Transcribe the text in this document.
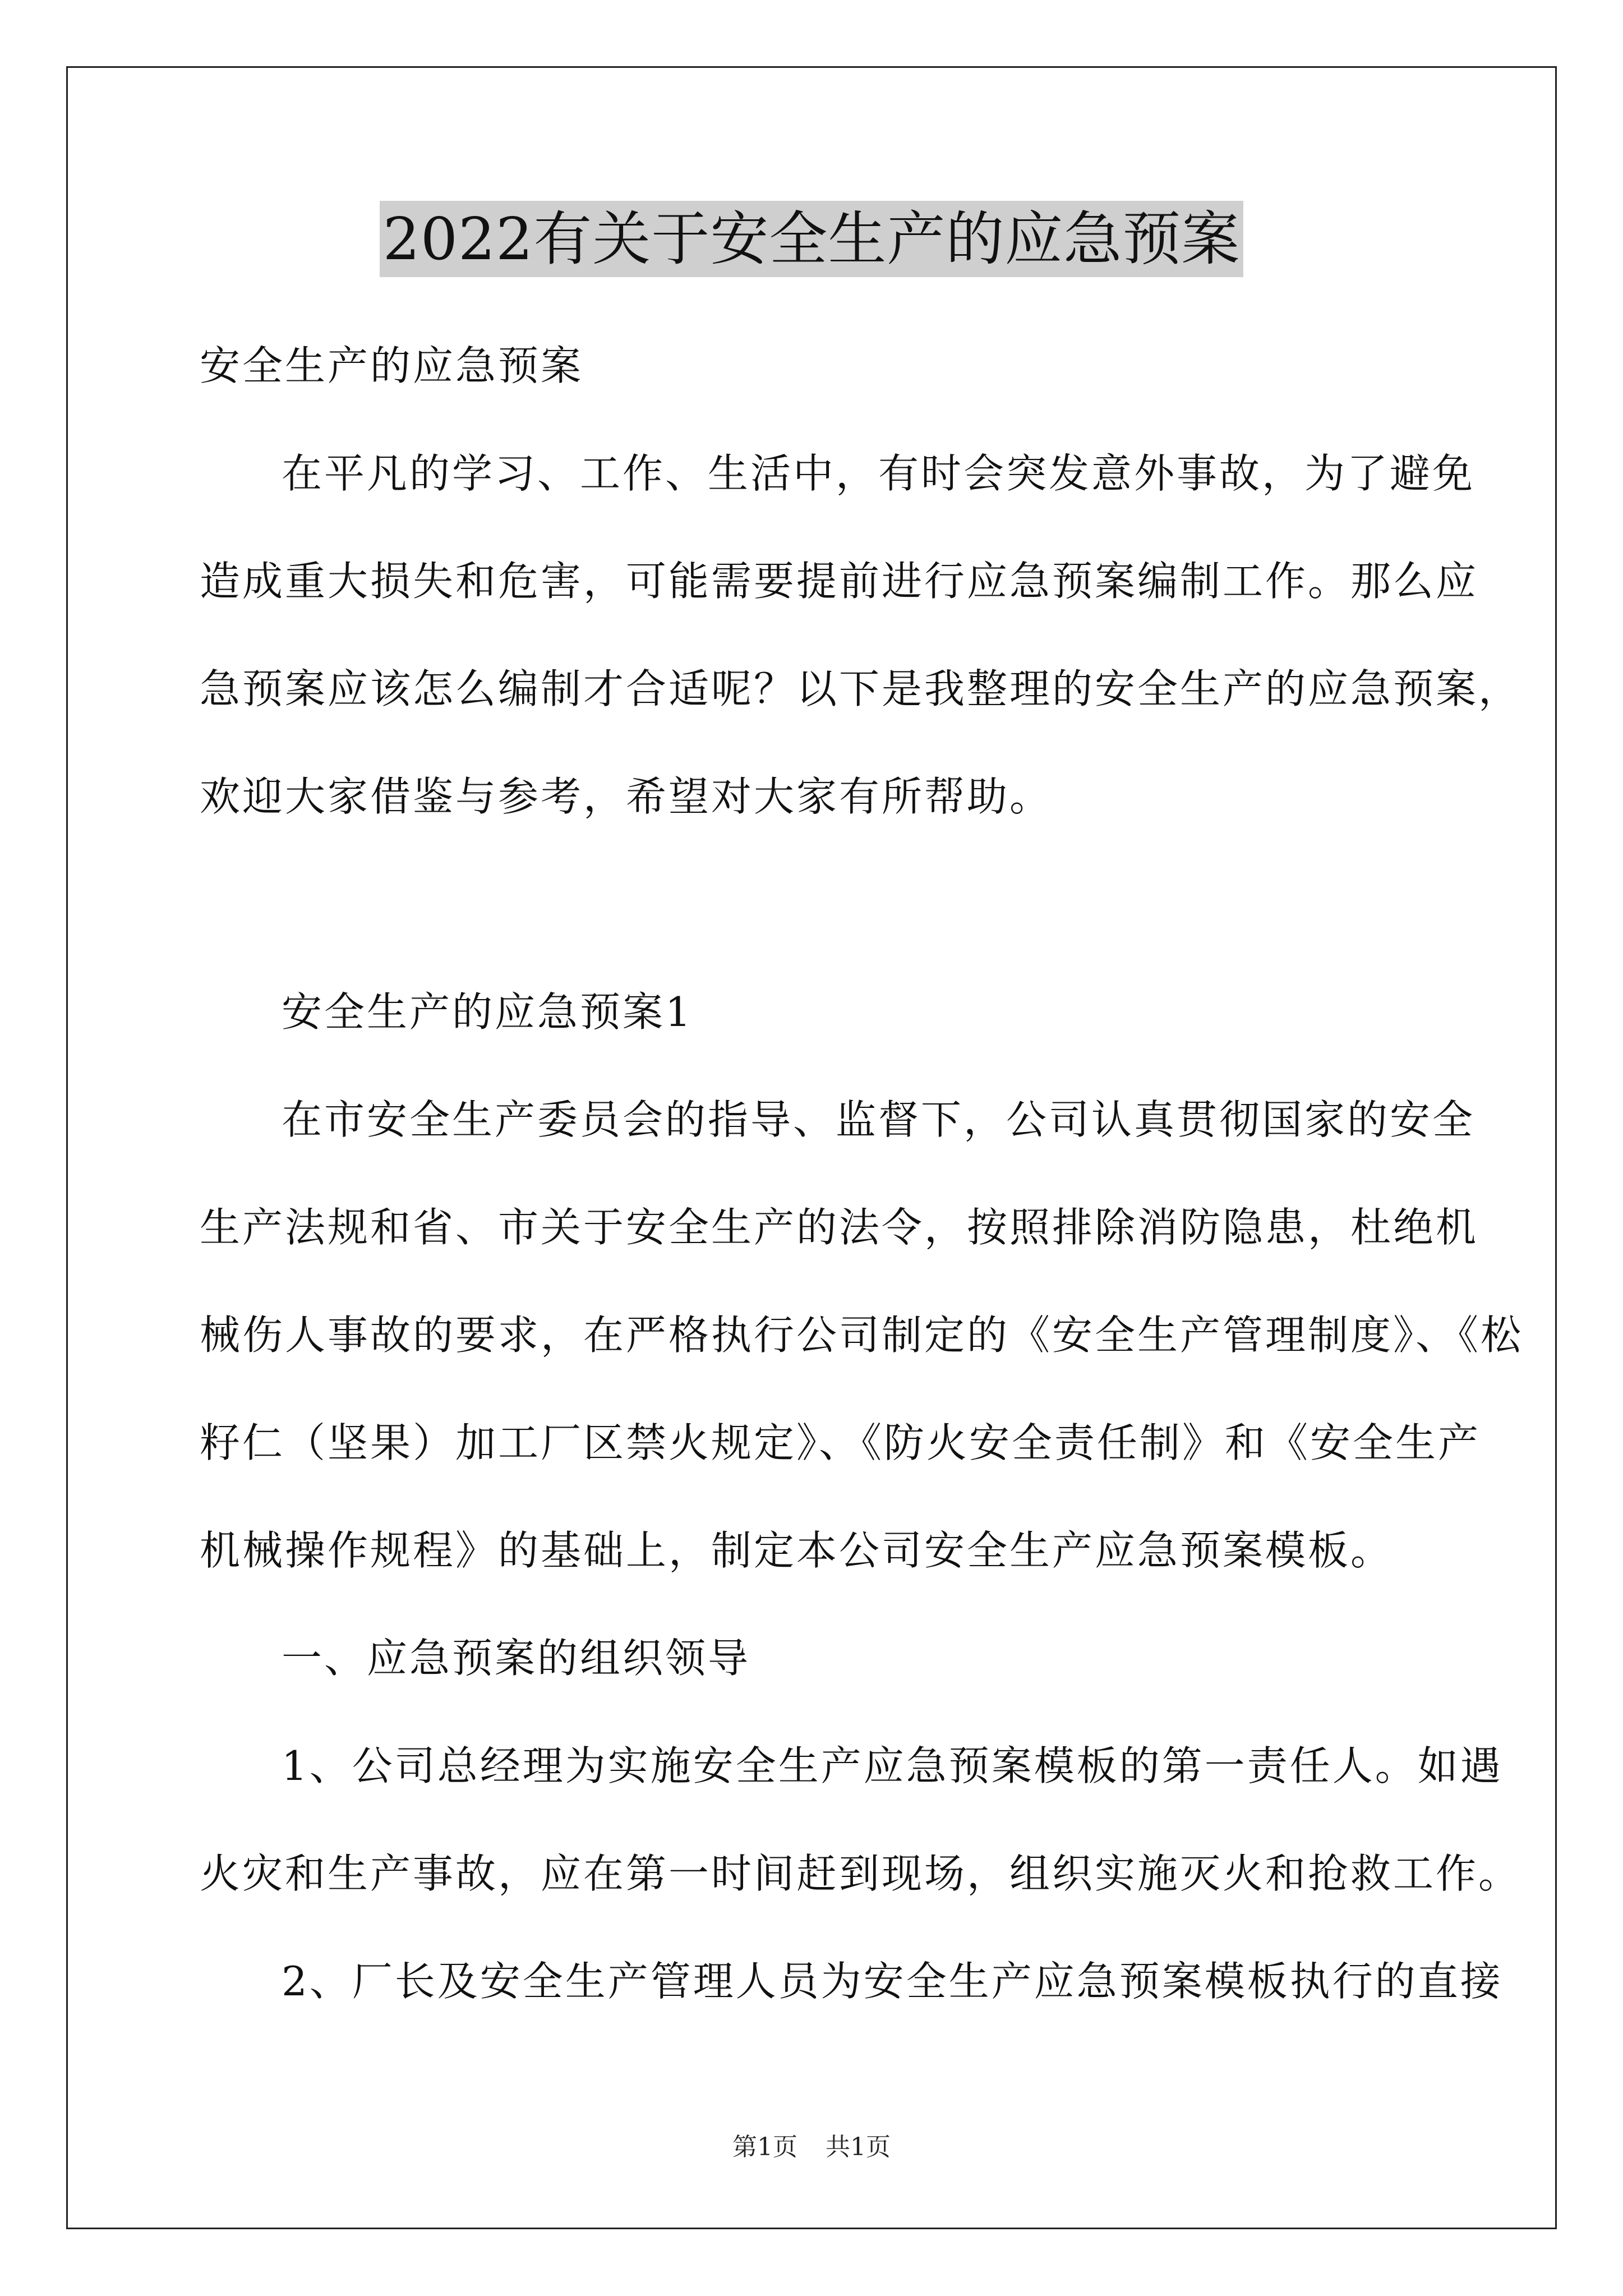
2022有关于安全生产的应急预案
安全生产的应急预案
在平凡的学习、工作、生活中，有时会突发意外事故，为了避免
造成重大损失和危害，可能需要提前进行应急预案编制工作。那么应
急预案应该怎么编制才合适呢？以下是我整理的安全生产的应急预案，
欢迎大家借鉴与参考，希望对大家有所帮助。
安全生产的应急预案1
在市安全生产委员会的指导、监督下，公司认真贯彻国家的安全
生产法规和省、市关于安全生产的法令，按照排除消防隐患，杜绝机
械伤人事故的要求，在严格执行公司制定的《安全生产管理制度》、《松
籽仁（坚果）加工厂区禁火规定》、《防火安全责任制》和《安全生产
机械操作规程》的基础上，制定本公司安全生产应急预案模板。
一、应急预案的组织领导
1、公司总经理为实施安全生产应急预案模板的第一责任人。如遇
火灾和生产事故，应在第一时间赶到现场，组织实施灭火和抢救工作。
2、厂长及安全生产管理人员为安全生产应急预案模板执行的直接
第1页 共1页
